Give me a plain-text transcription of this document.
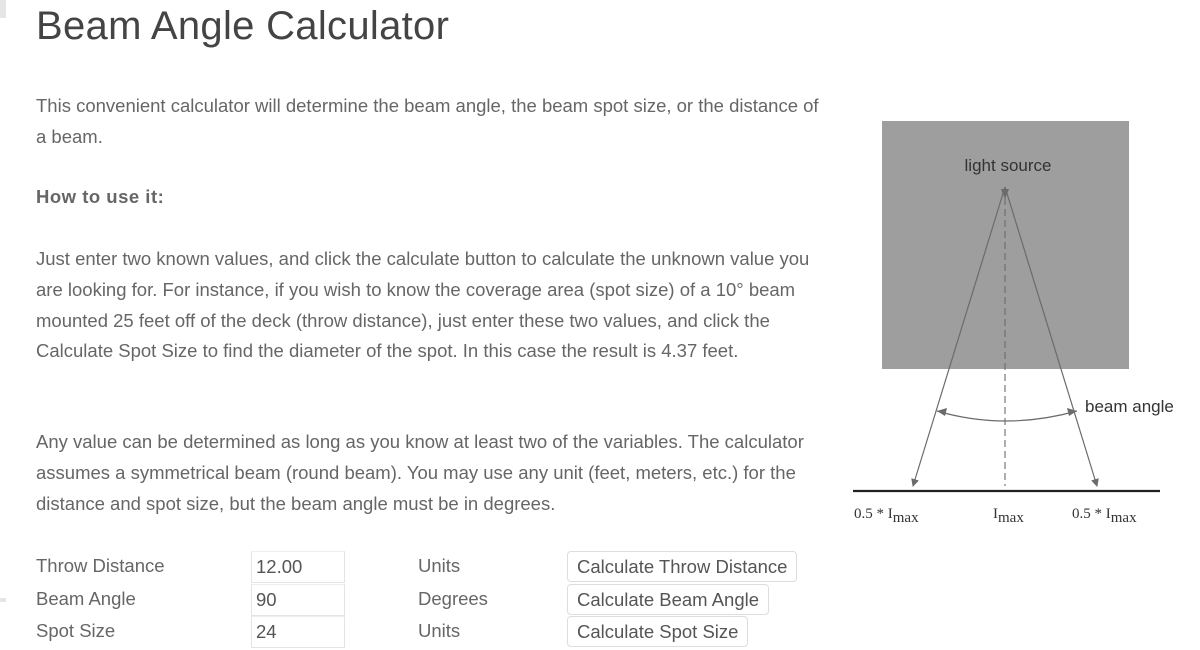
Beam Angle Calculator

This convenient calculator will determine the beam angle, the beam spot size, or the distance of a beam.

How to use it:

Just enter two known values, and click the calculate button to calculate the unknown value you are looking for. For instance, if you wish to know the coverage area (spot size) of a 10° beam mounted 25 feet off of the deck (throw distance), just enter these two values, and click the Calculate Spot Size to find the diameter of the spot. In this case the result is 4.37 feet.

Any value can be determined as long as you know at least two of the variables. The calculator assumes a symmetrical beam (round beam). You may use any unit (feet, meters, etc.) for the distance and spot size, but the beam angle must be in degrees.

Throw Distance
12.00	Units	Calculate Throw Distance
Beam Angle
90	Degrees	Calculate Beam Angle
Spot Size
24	Units	Calculate Spot Size
light source
beam angle
0.5 * Imax	Imax	0.5 * Imax
